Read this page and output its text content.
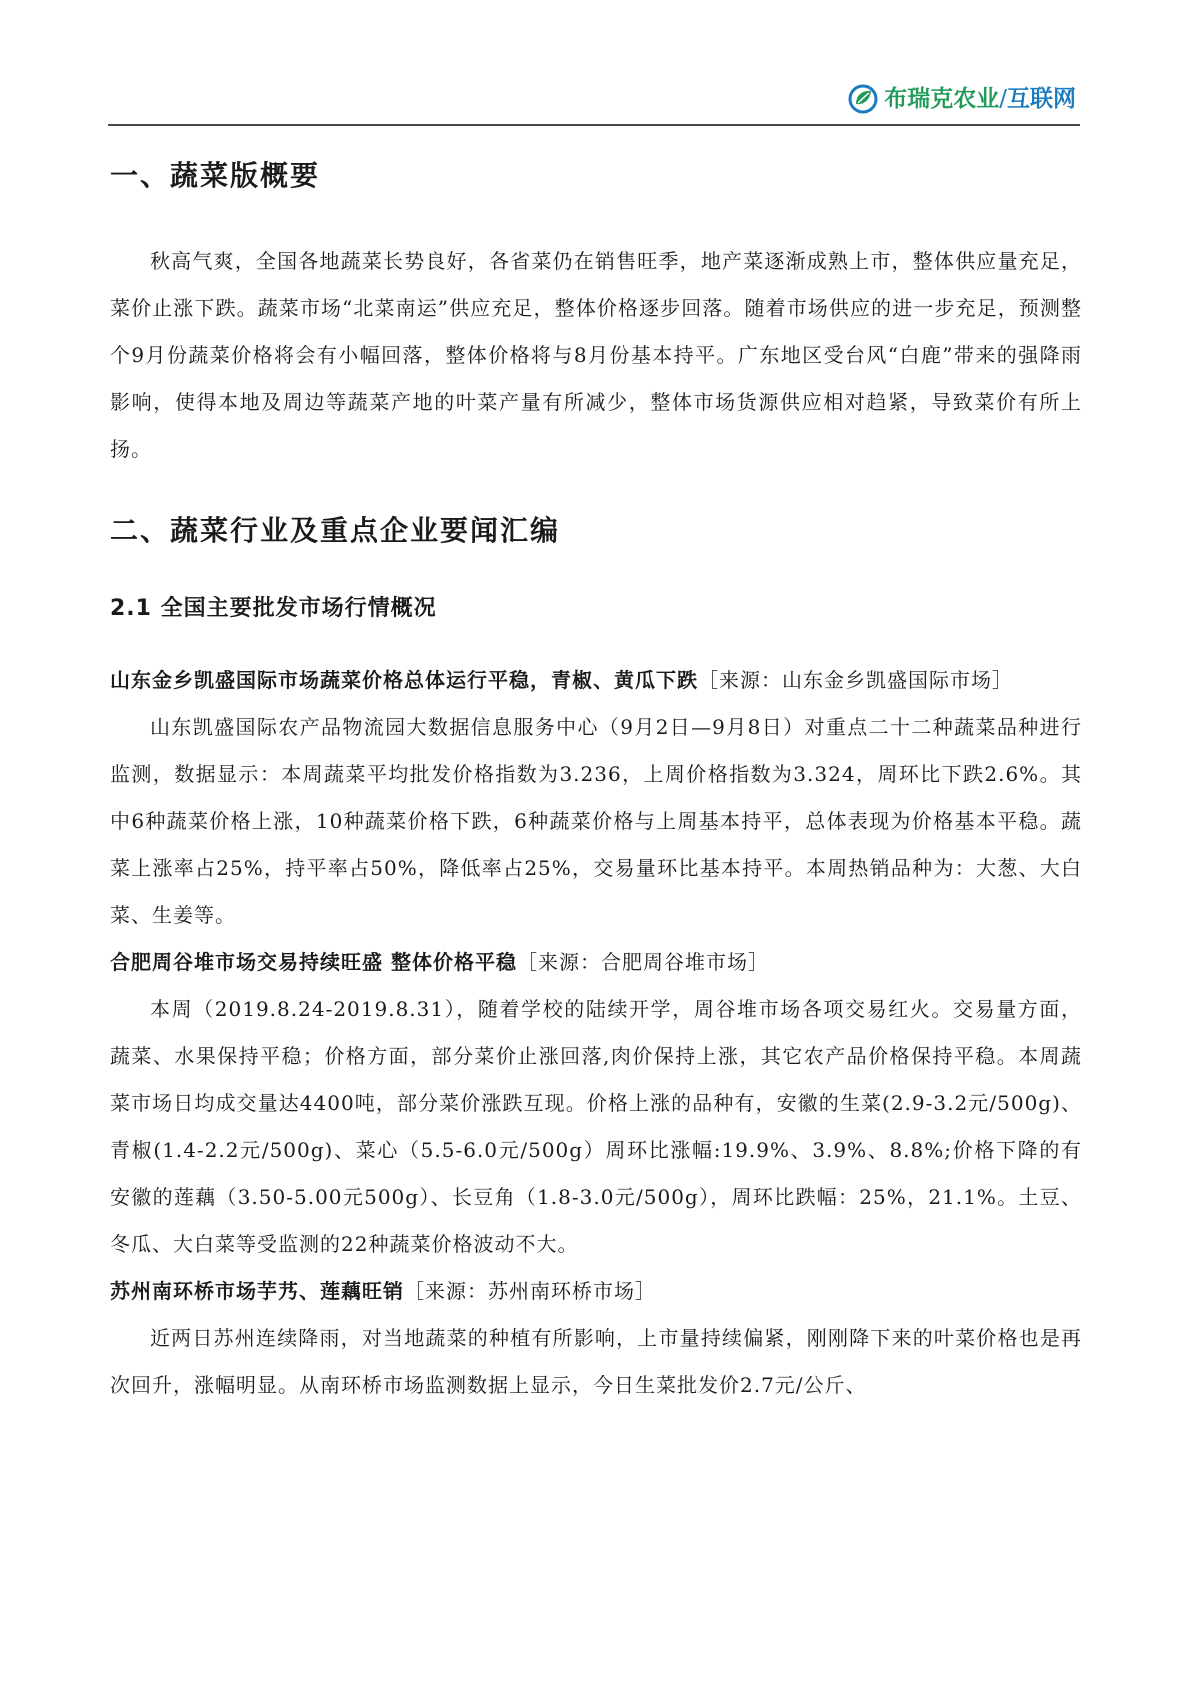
布瑞克农业/互联网
一、蔬菜版概要

秋高气爽，全国各地蔬菜长势良好，各省菜仍在销售旺季，地产菜逐渐成熟上市，整体供应量充足，菜价止涨下跌。蔬菜市场“北菜南运”供应充足，整体价格逐步回落。随着市场供应的进一步充足，预测整个9月份蔬菜价格将会有小幅回落，整体价格将与8月份基本持平。广东地区受台风“白鹿”带来的强降雨影响，使得本地及周边等蔬菜产地的叶菜产量有所减少，整体市场货源供应相对趋紧，导致菜价有所上扬。

二、蔬菜行业及重点企业要闻汇编
2.1 全国主要批发市场行情概况
山东金乡凯盛国际市场蔬菜价格总体运行平稳，青椒、黄瓜下跌［来源：山东金乡凯盛国际市场］

山东凯盛国际农产品物流园大数据信息服务中心（9月2日—9月8日）对重点二十二种蔬菜品种进行监测，数据显示：本周蔬菜平均批发价格指数为3.236，上周价格指数为3.324，周环比下跌2.6%。其中6种蔬菜价格上涨，10种蔬菜价格下跌，6种蔬菜价格与上周基本持平，总体表现为价格基本平稳。蔬菜上涨率占25%，持平率占50%，降低率占25%，交易量环比基本持平。本周热销品种为：大葱、大白菜、生姜等。

合肥周谷堆市场交易持续旺盛 整体价格平稳［来源：合肥周谷堆市场］

本周（2019.8.24-2019.8.31），随着学校的陆续开学，周谷堆市场各项交易红火。交易量方面，蔬菜、水果保持平稳；价格方面，部分菜价止涨回落,肉价保持上涨，其它农产品价格保持平稳。本周蔬菜市场日均成交量达4400吨，部分菜价涨跌互现。价格上涨的品种有，安徽的生菜(2.9-3.2元/500g)、青椒(1.4-2.2元/500g)、菜心（5.5-6.0元/500g）周环比涨幅:19.9%、3.9%、8.8%;价格下降的有安徽的莲藕（3.50-5.00元500g）、长豆角（1.8-3.0元/500g），周环比跌幅：25%，21.1%。土豆、冬瓜、大白菜等受监测的22种蔬菜价格波动不大。

苏州南环桥市场芋艿、莲藕旺销［来源：苏州南环桥市场］

近两日苏州连续降雨，对当地蔬菜的种植有所影响，上市量持续偏紧，刚刚降下来的叶菜价格也是再次回升，涨幅明显。从南环桥市场监测数据上显示，今日生菜批发价2.7元/公斤、
